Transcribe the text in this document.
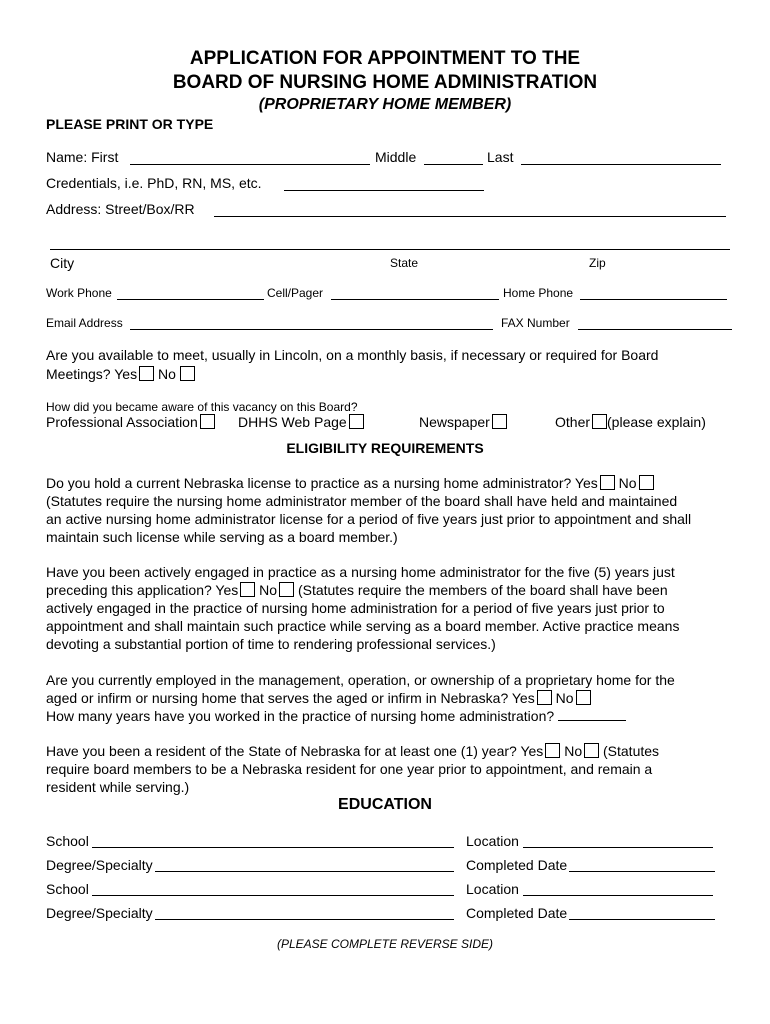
APPLICATION FOR APPOINTMENT TO THE
BOARD OF NURSING HOME ADMINISTRATION
(PROPRIETARY HOME MEMBER)
PLEASE PRINT OR TYPE
Name: First	Middle	Last
Credentials, i.e. PhD, RN, MS, etc.
Address: Street/Box/RR
City	State	Zip
Work Phone	Cell/Pager	Home Phone
Email Address	FAX Number
Are you available to meet, usually in Lincoln, on a monthly basis, if necessary or required for Board
Meetings? Yes No
How did you became aware of this vacancy on this Board?
Professional Association	DHHS Web Page	Newspaper	Other (please explain)
ELIGIBILITY REQUIREMENTS
Do you hold a current Nebraska license to practice as a nursing home administrator? Yes No
(Statutes require the nursing home administrator member of the board shall have held and maintained
an active nursing home administrator license for a period of five years just prior to appointment and shall
maintain such license while serving as a board member.)
Have you been actively engaged in practice as a nursing home administrator for the five (5) years just
preceding this application? Yes No (Statutes require the members of the board shall have been
actively engaged in the practice of nursing home administration for a period of five years just prior to
appointment and shall maintain such practice while serving as a board member. Active practice means
devoting a substantial portion of time to rendering professional services.)
Are you currently employed in the management, operation, or ownership of a proprietary home for the
aged or infirm or nursing home that serves the aged or infirm in Nebraska? Yes No
How many years have you worked in the practice of nursing home administration?
Have you been a resident of the State of Nebraska for at least one (1) year? Yes No (Statutes
require board members to be a Nebraska resident for one year prior to appointment, and remain a
resident while serving.)
EDUCATION
School	Location
Degree/Specialty	Completed Date
School	Location
Degree/Specialty	Completed Date
(PLEASE COMPLETE REVERSE SIDE)
